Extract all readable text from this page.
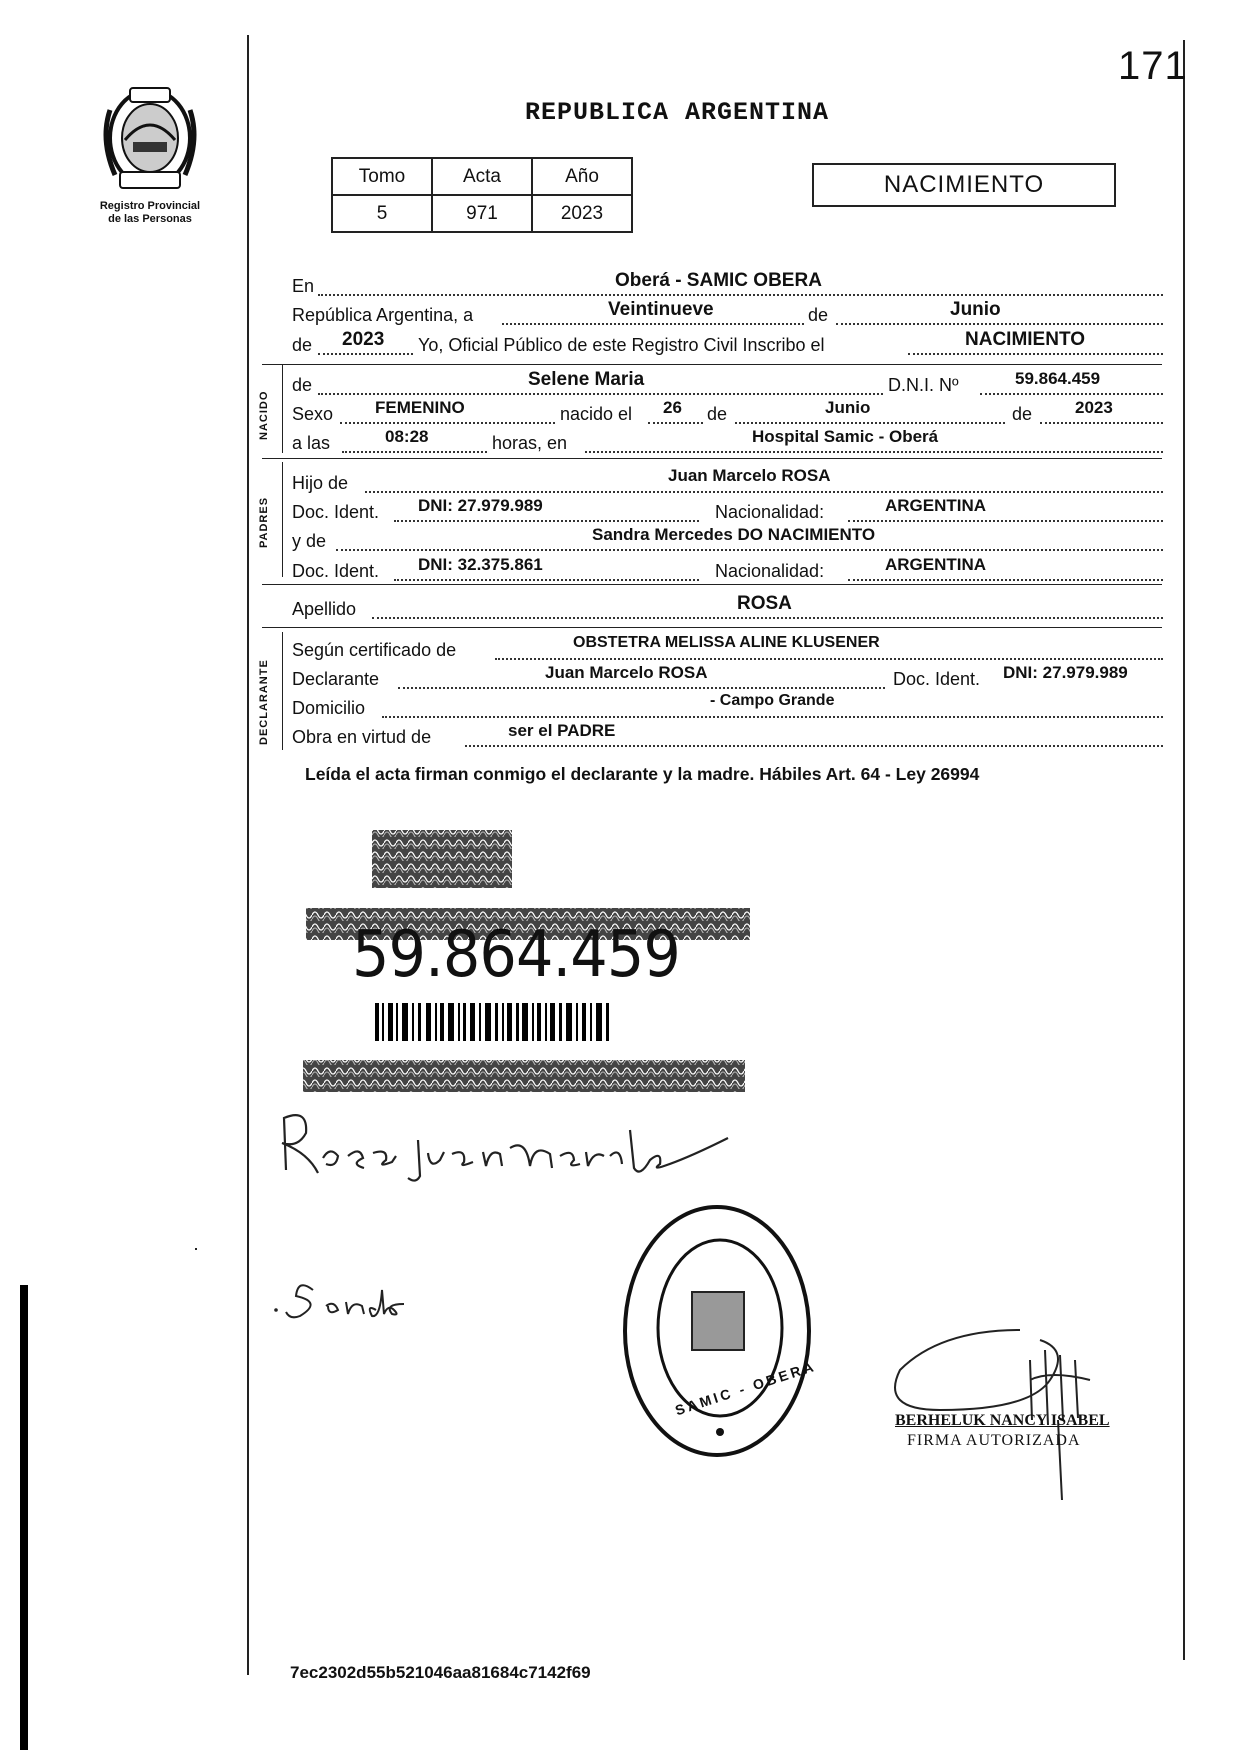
171
Registro Provincial
de las Personas
REPUBLICA ARGENTINA
Tomo	Acta	Año
5	971	2023
NACIMIENTO
En	Oberá - SAMIC OBERA
República Argentina, a	Veintinueve	de	Junio
de 2023 Yo, Oficial Público de este Registro Civil Inscribo el	NACIMIENTO
NACIDO
de	Selene Maria	D.N.I. Nº	59.864.459
Sexo FEMENINO	nacido el 26 de	Junio	de	2023
a las	08:28	horas, en	Hospital Samic - Oberá
PADRES
Hijo de	Juan Marcelo ROSA
Doc. Ident. DNI: 27.979.989	Nacionalidad:	ARGENTINA
y de	Sandra Mercedes DO NACIMIENTO
Doc. Ident. DNI: 32.375.861	Nacionalidad:	ARGENTINA
Apellido	ROSA
DECLARANTE
Según certificado de	OBSTETRA MELISSA ALINE KLUSENER
Declarante	Juan Marcelo ROSA	Doc. Ident. DNI: 27.979.989
Domicilio	- Campo Grande
Obra en virtud de	ser el PADRE
Leída el acta firman conmigo el declarante y la madre. Hábiles Art. 64 - Ley 26994
59.864.459
SAMIC - OBERA
BERHELUK NANCY ISABEL
FIRMA AUTORIZADA
7ec2302d55b521046aa81684c7142f69
